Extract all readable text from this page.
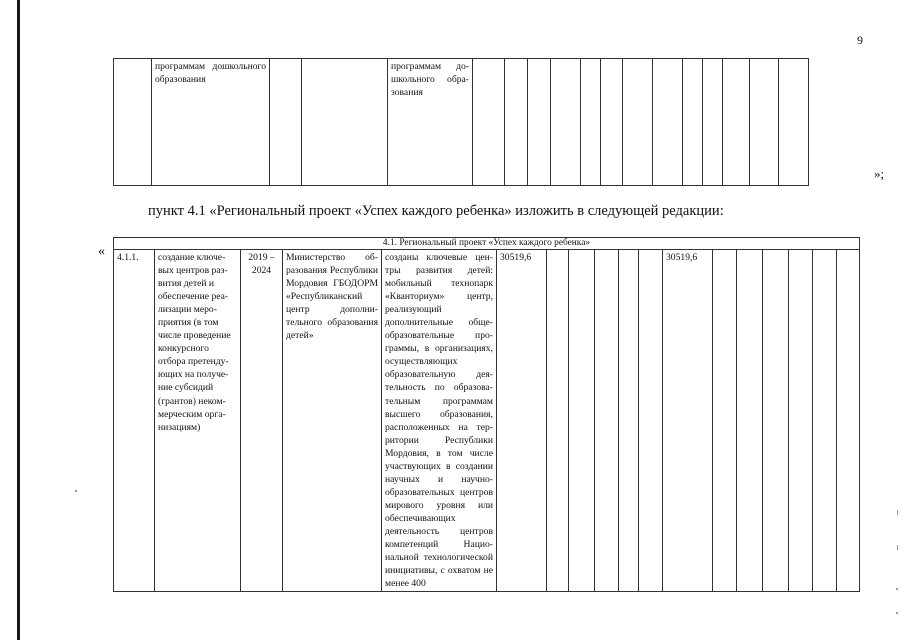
9
	программам дошкольного образования			программам дошкольного образования													
»;
пункт 4.1 «Региональный проект «Успех каждого ребенка» изложить в следующей редакции:
«
4.1. Региональный проект «Успех каждого ребенка»
4.1.1.	создание ключевых центров развития детей и обеспечение реализации мероприятия (в том числе проведение конкурсного отбора претендующих на получение субсидий (грантов) некоммерческим организациям)	2019 –2024	Министерство образования Республики Мордовия ГБОДОРМ «Республиканский центр дополнительного образования детей»	созданы ключевые центры развития детей: мобильный технопарк «Кванториум» центр, реализующий дополнительные общеобразовательные программы, в организациях, осуществляющих образовательную деятельность по образовательным программам высшего образования, расположенных на территории Республики Мордовия, в том числе участвующих в создании научных и научно-образовательных центров мирового уровня или обеспечивающих деятельность центров компетенций Национальной технологической инициативы, с охватом не менее 400	30519,6						30519,6						
